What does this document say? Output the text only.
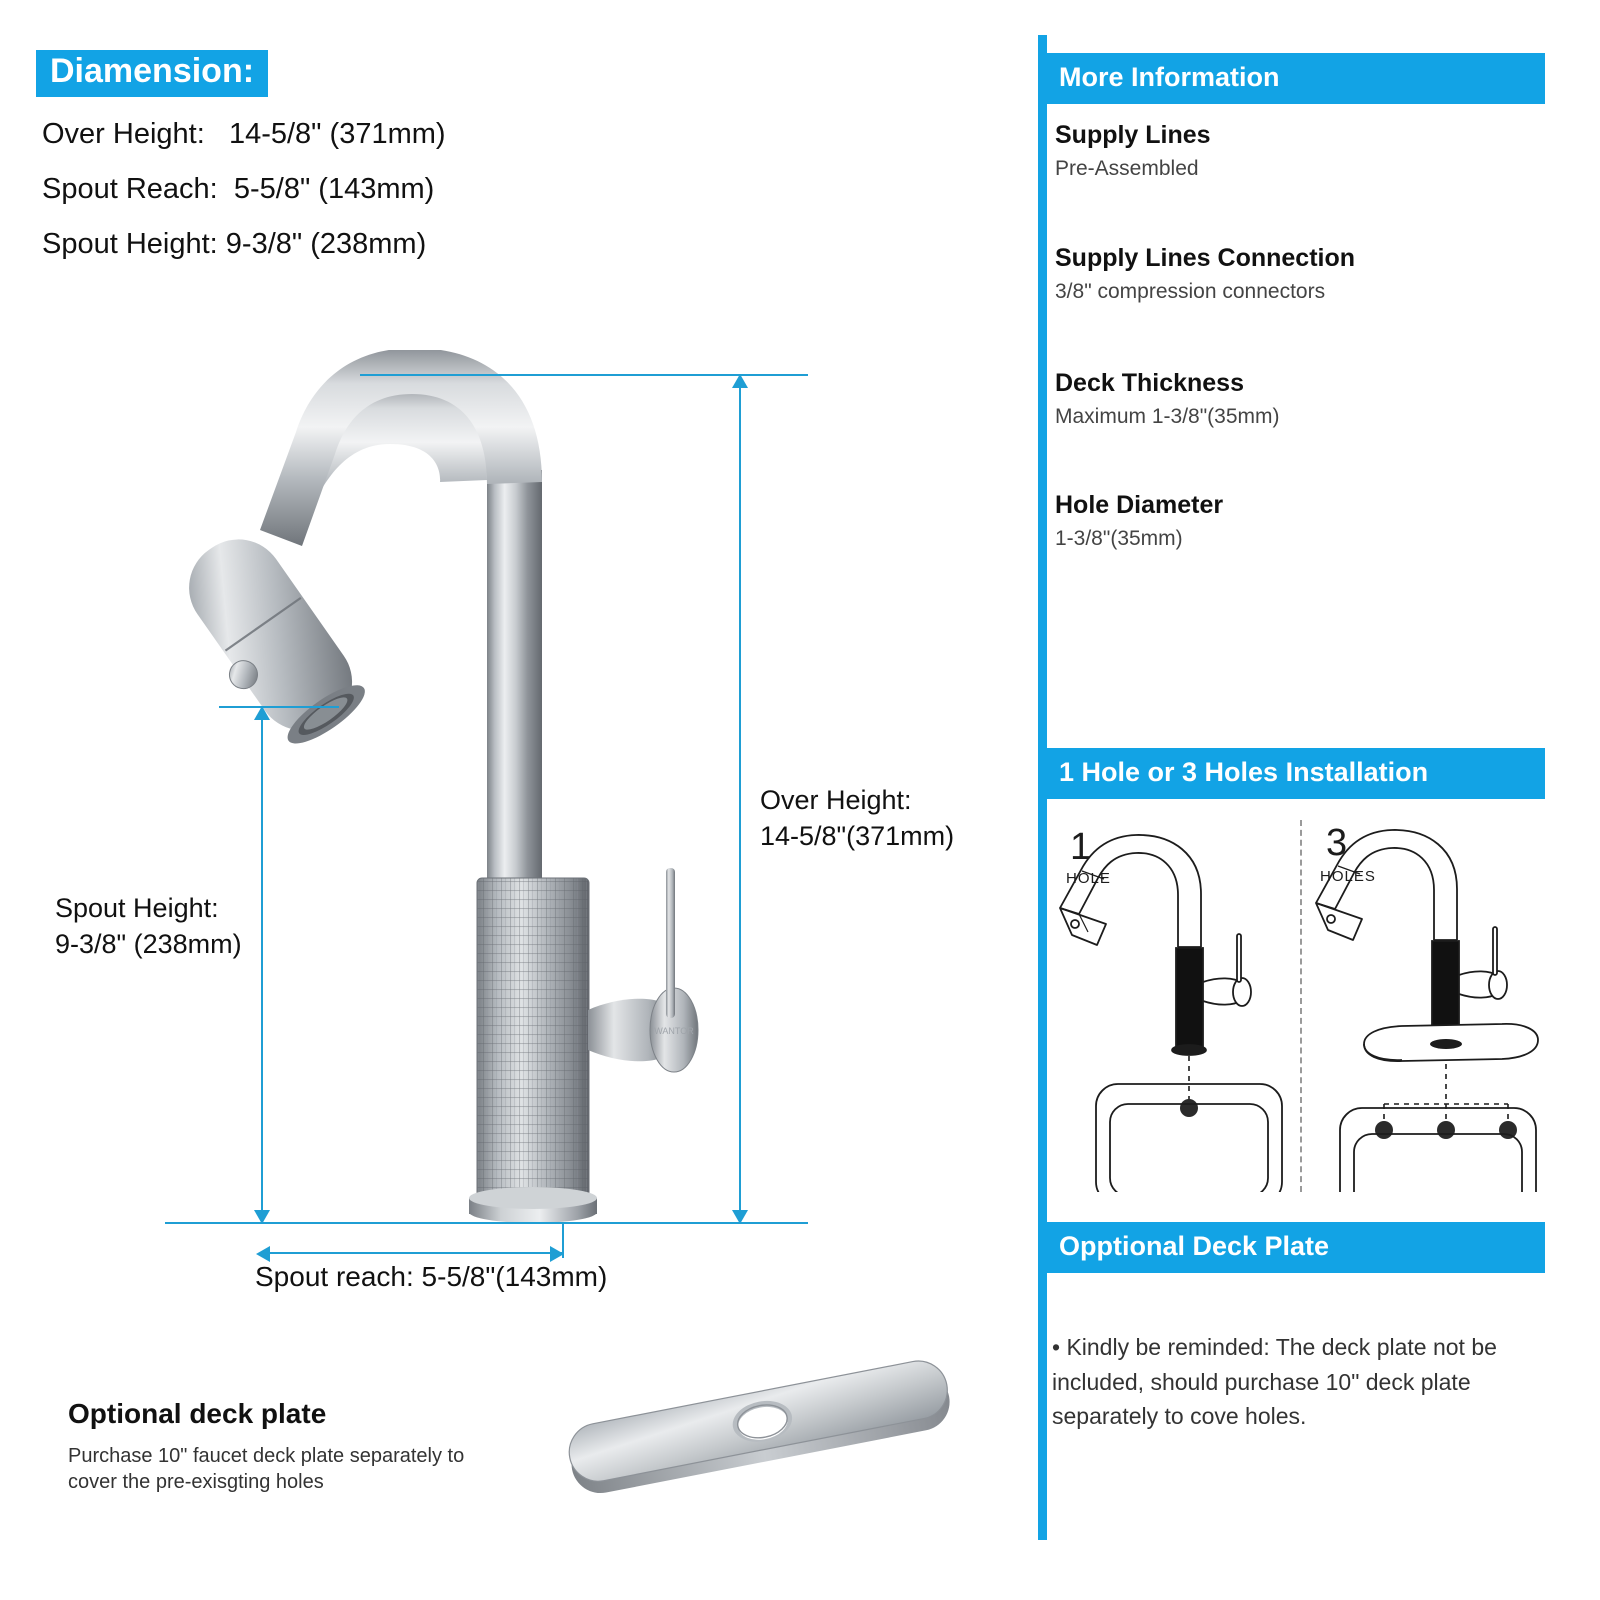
Diamension:
Over Height:   14-5/8" (371mm)
Spout Reach:  5-5/8" (143mm)
Spout Height: 9-3/8" (238mm)
WANTOR
Over Height:
14-5/8"(371mm)
Spout Height:
9-3/8" (238mm)
Spout reach: 5-5/8"(143mm)
Optional deck plate
Purchase 10" faucet deck plate separately to cover the pre-exisgting holes
More Information
Supply Lines
Pre-Assembled
Supply Lines Connection
3/8" compression connectors
Deck Thickness
Maximum 1-3/8"(35mm)
Hole Diameter
1-3/8"(35mm)
1 Hole or 3 Holes Installation
1
HOLE
3
HOLES
Opptional Deck Plate
• Kindly be reminded: The deck plate not be included, should purchase 10" deck plate separately to cove holes.
